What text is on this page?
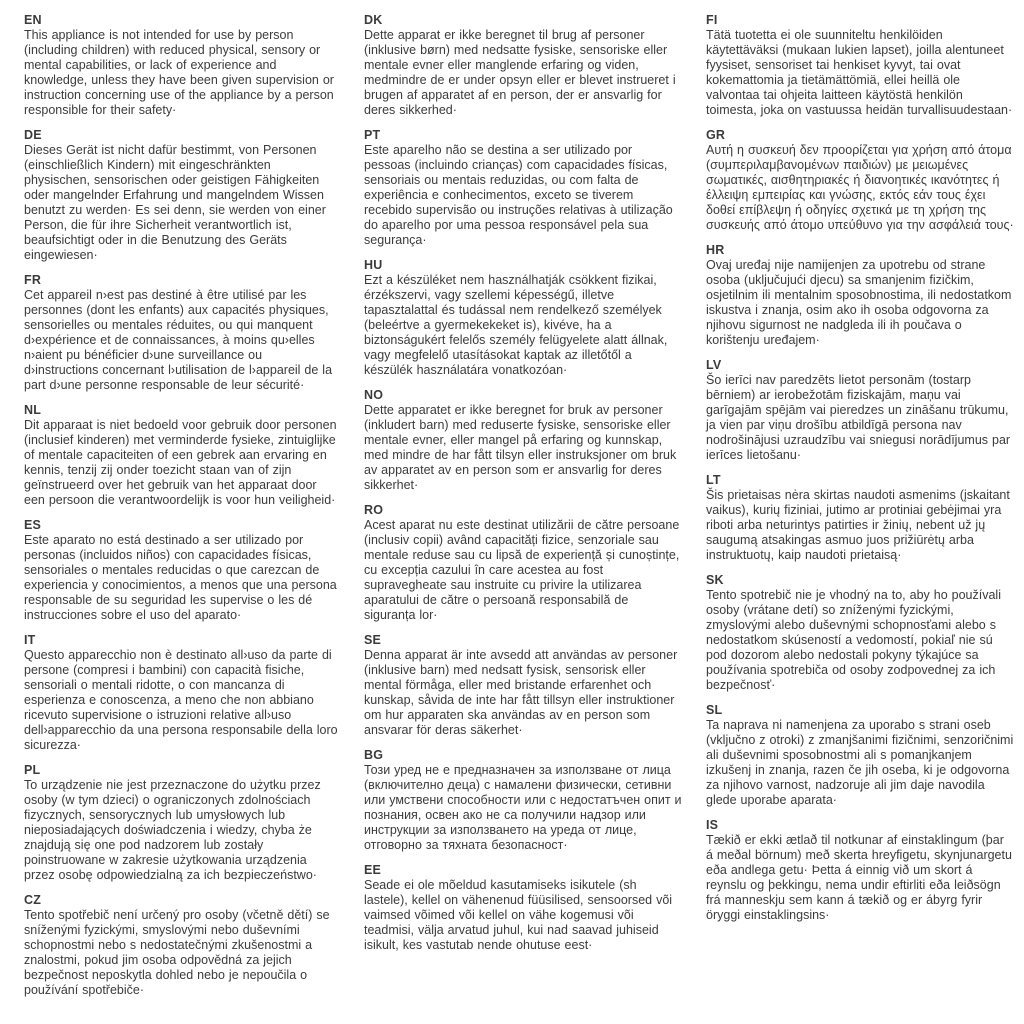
EN
This appliance is not intended for use by person (including children) with reduced physical, sensory or mental capabilities, or lack of experience and knowledge, unless they have been given supervision or instruction concerning use of the appliance by a person responsible for their safety·
DE
Dieses Gerät ist nicht dafür bestimmt, von Personen (einschließlich Kindern) mit eingeschränkten physischen, sensorischen oder geistigen Fähigkeiten oder mangelnder Erfahrung und mangelndem Wissen benutzt zu werden· Es sei denn, sie werden von einer Person, die für ihre Sicherheit verantwortlich ist, beaufsichtigt oder in die Benutzung des Geräts eingewiesen·
FR
Cet appareil n›est pas destiné à être utilisé par les personnes (dont les enfants) aux capacités physiques, sensorielles ou mentales réduites, ou qui manquent d›expérience et de connaissances, à moins qu›elles n›aient pu bénéficier d›une surveillance ou d›instructions concernant l›utilisation de l›appareil de la part d›une personne responsable de leur sécurité·
NL
Dit apparaat is niet bedoeld voor gebruik door personen (inclusief kinderen) met verminderde fysieke, zintuiglijke of mentale capaciteiten of een gebrek aan ervaring en kennis, tenzij zij onder toezicht staan van of zijn geïnstrueerd over het gebruik van het apparaat door een persoon die verantwoordelijk is voor hun veiligheid·
ES
Este aparato no está destinado a ser utilizado por personas (incluidos niños) con capacidades físicas, sensoriales o mentales reducidas o que carezcan de experiencia y conocimientos, a menos que una persona responsable de su seguridad les supervise o les dé instrucciones sobre el uso del aparato·
IT
Questo apparecchio non è destinato all›uso da parte di persone (compresi i bambini) con capacità fisiche, sensoriali o mentali ridotte, o con mancanza di esperienza e conoscenza, a meno che non abbiano ricevuto supervisione o istruzioni relative all›uso dell›apparecchio da una persona responsabile della loro sicurezza·
PL
To urządzenie nie jest przeznaczone do użytku przez osoby (w tym dzieci) o ograniczonych zdolnościach fizycznych, sensorycznych lub umysłowych lub nieposiadających doświadczenia i wiedzy, chyba że znajdują się one pod nadzorem lub zostały poinstruowane w zakresie użytkowania urządzenia przez osobę odpowiedzialną za ich bezpieczeństwo·
CZ
Tento spotřebič není určený pro osoby (včetně dětí) se sníženými fyzickými, smyslovými nebo duševními schopnostmi nebo s nedostatečnými zkušenostmi a znalostmi, pokud jim osoba odpovědná za jejich bezpečnost neposkytla dohled nebo je nepoučila o používání spotřebiče·
DK
Dette apparat er ikke beregnet til brug af personer (inklusive børn) med nedsatte fysiske, sensoriske eller mentale evner eller manglende erfaring og viden, medmindre de er under opsyn eller er blevet instrueret i brugen af apparatet af en person, der er ansvarlig for deres sikkerhed·
PT
Este aparelho não se destina a ser utilizado por pessoas (incluindo crianças) com capacidades físicas, sensoriais ou mentais reduzidas, ou com falta de experiência e conhecimentos, exceto se tiverem recebido supervisão ou instruções relativas à utilização do aparelho por uma pessoa responsável pela sua segurança·
HU
Ezt a készüléket nem használhatják csökkent fizikai, érzékszervi, vagy szellemi képességű, illetve tapasztalattal és tudással nem rendelkező személyek (beleértve a gyermekekeket is), kivéve, ha a biztonságukért felelős személy felügyelete alatt állnak, vagy megfelelő utasításokat kaptak az illetőtől a készülék használatára vonatkozóan·
NO
Dette apparatet er ikke beregnet for bruk av personer (inkludert barn) med reduserte fysiske, sensoriske eller mentale evner, eller mangel på erfaring og kunnskap, med mindre de har fått tilsyn eller instruksjoner om bruk av apparatet av en person som er ansvarlig for deres sikkerhet·
RO
Acest aparat nu este destinat utilizării de către persoane (inclusiv copii) având capacități fizice, senzoriale sau mentale reduse sau cu lipsă de experiență și cunoștințe, cu excepția cazului în care acestea au fost supravegheate sau instruite cu privire la utilizarea aparatului de către o persoană responsabilă de siguranța lor·
SE
Denna apparat är inte avsedd att användas av personer (inklusive barn) med nedsatt fysisk, sensorisk eller mental förmåga, eller med bristande erfarenhet och kunskap, såvida de inte har fått tillsyn eller instruktioner om hur apparaten ska användas av en person som ansvarar för deras säkerhet·
BG
Този уред не е предназначен за използване от лица (включително деца) с намалени физически, сетивни или умствени способности или с недостатъчен опит и познания, освен ако не са получили надзор или инструкции за използването на уреда от лице, отговорно за тяхната безопасност·
EE
Seade ei ole mõeldud kasutamiseks isikutele (sh lastele), kellel on vähenenud füüsilised, sensoorsed või vaimsed võimed või kellel on vähe kogemusi või teadmisi, välja arvatud juhul, kui nad saavad juhiseid isikult, kes vastutab nende ohutuse eest·
FI
Tätä tuotetta ei ole suunniteltu henkilöiden käytettäväksi (mukaan lukien lapset), joilla alentuneet fyysiset, sensoriset tai henkiset kyvyt, tai ovat kokemattomia ja tietämättömiä, ellei heillä ole valvontaa tai ohjeita laitteen käytöstä henkilön toimesta, joka on vastuussa heidän turvallisuudestaan·
GR
Αυτή η συσκευή δεν προορίζεται για χρήση από άτομα (συμπεριλαμβανομένων παιδιών) με μειωμένες σωματικές, αισθητηριακές ή διανοητικές ικανότητες ή έλλειψη εμπειρίας και γνώσης, εκτός εάν τους έχει δοθεί επίβλεψη ή οδηγίες σχετικά με τη χρήση της συσκευής από άτομο υπεύθυνο για την ασφάλειά τους·
HR
Ovaj uređaj nije namijenjen za upotrebu od strane osoba (uključujući djecu) sa smanjenim fizičkim, osjetilnim ili mentalnim sposobnostima, ili nedostatkom iskustva i znanja, osim ako ih osoba odgovorna za njihovu sigurnost ne nadgleda ili ih poučava o korištenju uređajem·
LV
Šo ierīci nav paredzēts lietot personām (tostarp bērniem) ar ierobežotām fiziskajām, maņu vai garīgajām spējām vai pieredzes un zināšanu trūkumu, ja vien par viņu drošību atbildīgā persona nav nodrošinājusi uzraudzību vai sniegusi norādījumus par ierīces lietošanu·
LT
Šis prietaisas nėra skirtas naudoti asmenims (įskaitant vaikus), kurių fiziniai, jutimo ar protiniai gebėjimai yra riboti arba neturintys patirties ir žinių, nebent už jų saugumą atsakingas asmuo juos prižiūrėtų arba instruktuotų, kaip naudoti prietaisą·
SK
Tento spotrebič nie je vhodný na to, aby ho používali osoby (vrátane detí) so zníženými fyzickými, zmyslovými alebo duševnými schopnosťami alebo s nedostatkom skúseností a vedomostí, pokiaľ nie sú pod dozorom alebo nedostali pokyny týkajúce sa používania spotrebiča od osoby zodpovednej za ich bezpečnosť·
SL
Ta naprava ni namenjena za uporabo s strani oseb (vključno z otroki) z zmanjšanimi fizičnimi, senzoričnimi ali duševnimi sposobnostmi ali s pomanjkanjem izkušenj in znanja, razen če jih oseba, ki je odgovorna za njihovo varnost, nadzoruje ali jim daje navodila glede uporabe aparata·
IS
Tækið er ekki ætlað til notkunar af einstaklingum (þar á meðal börnum) með skerta hreyfigetu, skynjunargetu eða andlega getu· Þetta á einnig við um skort á reynslu og þekkingu, nema undir eftirliti eða leiðsögn frá manneskju sem kann á tækið og er ábyrg fyrir öryggi einstaklingsins·
